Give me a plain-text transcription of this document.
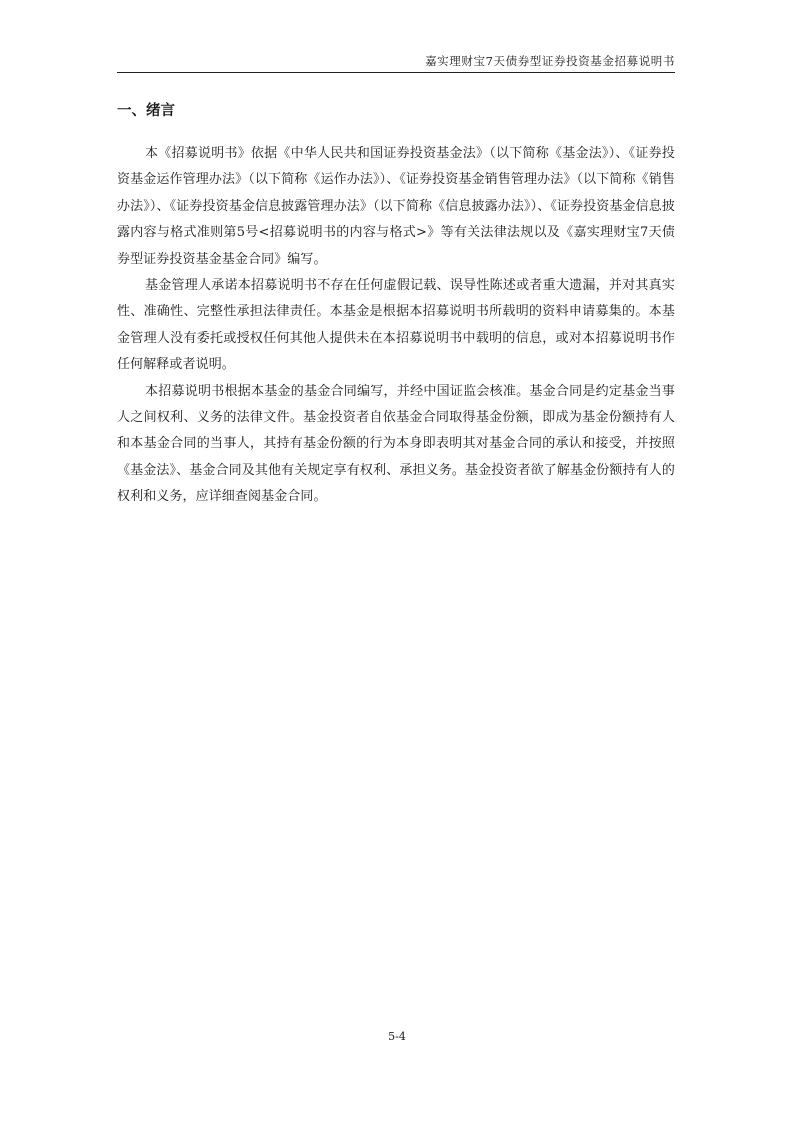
嘉实理财宝7天债券型证券投资基金招募说明书
一、绪言

本《招募说明书》依据《中华人民共和国证券投资基金法》（以下简称《基金法》）、《证券投资基金运作管理办法》（以下简称《运作办法》）、《证券投资基金销售管理办法》（以下简称《销售办法》）、《证券投资基金信息披露管理办法》（以下简称《信息披露办法》）、《证券投资基金信息披露内容与格式准则第5号<招募说明书的内容与格式>》等有关法律法规以及《嘉实理财宝7天债券型证券投资基金基金合同》编写。

基金管理人承诺本招募说明书不存在任何虚假记载、误导性陈述或者重大遗漏，并对其真实性、准确性、完整性承担法律责任。本基金是根据本招募说明书所载明的资料申请募集的。本基金管理人没有委托或授权任何其他人提供未在本招募说明书中载明的信息，或对本招募说明书作任何解释或者说明。

本招募说明书根据本基金的基金合同编写，并经中国证监会核准。基金合同是约定基金当事人之间权利、义务的法律文件。基金投资者自依基金合同取得基金份额，即成为基金份额持有人和本基金合同的当事人，其持有基金份额的行为本身即表明其对基金合同的承认和接受，并按照《基金法》、基金合同及其他有关规定享有权利、承担义务。基金投资者欲了解基金份额持有人的权利和义务，应详细查阅基金合同。

5-4
